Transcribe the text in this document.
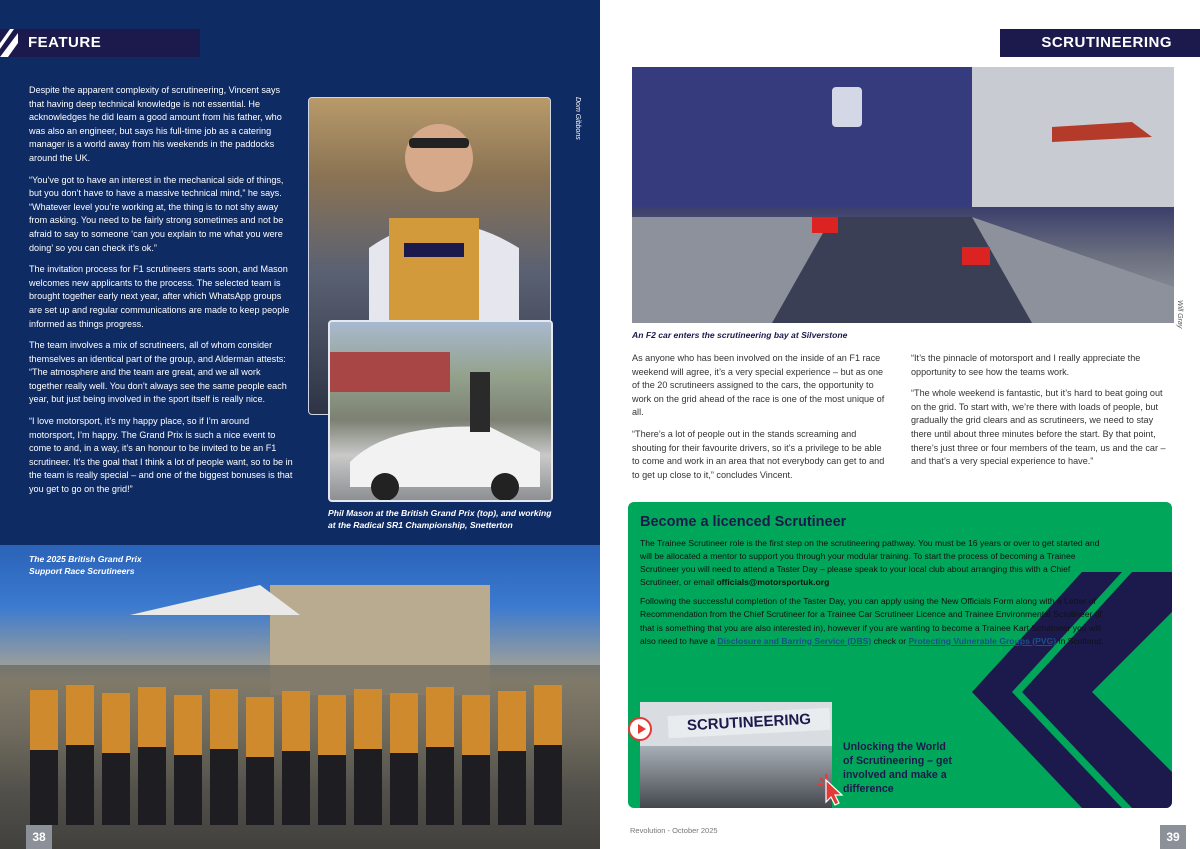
FEATURE

Despite the apparent complexity of scrutineering, Vincent says that having deep technical knowledge is not essential. He acknowledges he did learn a good amount from his father, who was also an engineer, but says his full-time job as a catering manager is a world away from his weekends in the paddocks around the UK.

“You’ve got to have an interest in the mechanical side of things, but you don’t have to have a massive technical mind,” he says. “Whatever level you’re working at, the thing is to not shy away from asking. You need to be fairly strong sometimes and not be afraid to say to someone ‘can you explain to me what you were doing’ so you can check it’s ok.”

The invitation process for F1 scrutineers starts soon, and Mason welcomes new applicants to the process. The selected team is brought together early next year, after which WhatsApp groups are set up and regular communications are made to keep people informed as things progress.

The team involves a mix of scrutineers, all of whom consider themselves an identical part of the group, and Alderman attests: “The atmosphere and the team are great, and we all work together really well. You don’t always see the same people each year, but just being involved in the sport itself is really nice.

“I love motorsport, it’s my happy place, so if I’m around motorsport, I’m happy. The Grand Prix is such a nice event to come to and, in a way, it’s an honour to be invited to be an F1 scrutineer. It’s the goal that I think a lot of people want, so to be in the team is really special – and one of the biggest bonuses is that you get to go on the grid!”

Dom Gibbons
Phil Mason at the British Grand Prix (top), and working at the Radical SR1 Championship, Snetterton
The 2025 British Grand Prix Support Race Scrutineers
38
SCRUTINEERING
Will Gray
An F2 car enters the scrutineering bay at Silverstone

As anyone who has been involved on the inside of an F1 race weekend will agree, it’s a very special experience – but as one of the 20 scrutineers assigned to the cars, the opportunity to work on the grid ahead of the race is one of the most unique of all.

“There’s a lot of people out in the stands screaming and shouting for their favourite drivers, so it’s a privilege to be able to come and work in an area that not everybody can get to and to get up close to it,” concludes Vincent.

“It’s the pinnacle of motorsport and I really appreciate the opportunity to see how the teams work.

“The whole weekend is fantastic, but it’s hard to beat going out on the grid. To start with, we’re there with loads of people, but gradually the grid clears and as scrutineers, we need to stay there until about three minutes before the start. By that point, there’s just three or four members of the team, us and the car – and that’s a very special experience to have.”

Become a licenced Scrutineer

The Trainee Scrutineer role is the first step on the scrutineering pathway. You must be 16 years or over to get started and will be allocated a mentor to support you through your modular training. To start the process of becoming a Trainee Scrutineer you will need to attend a Taster Day – please speak to your local club about arranging this with a Chief Scrutineer, or email officials@motorsportuk.org

Following the successful completion of the Taster Day, you can apply using the New Officials Form along with a Letter of Recommendation from the Chief Scrutineer for a Trainee Car Scrutineer Licence and Trainee Environmental Scrutineer (if that is something that you are also interested in), however if you are wanting to become a Trainee Kart Scrutineer you will also need to have a Disclosure and Barring Service (DBS) check or Protecting Vulnerable Groups (PVG) in Scotland.

SCRUTINEERING
Unlocking the World of Scrutineering – get involved and make a difference
Revolution - October 2025	39
